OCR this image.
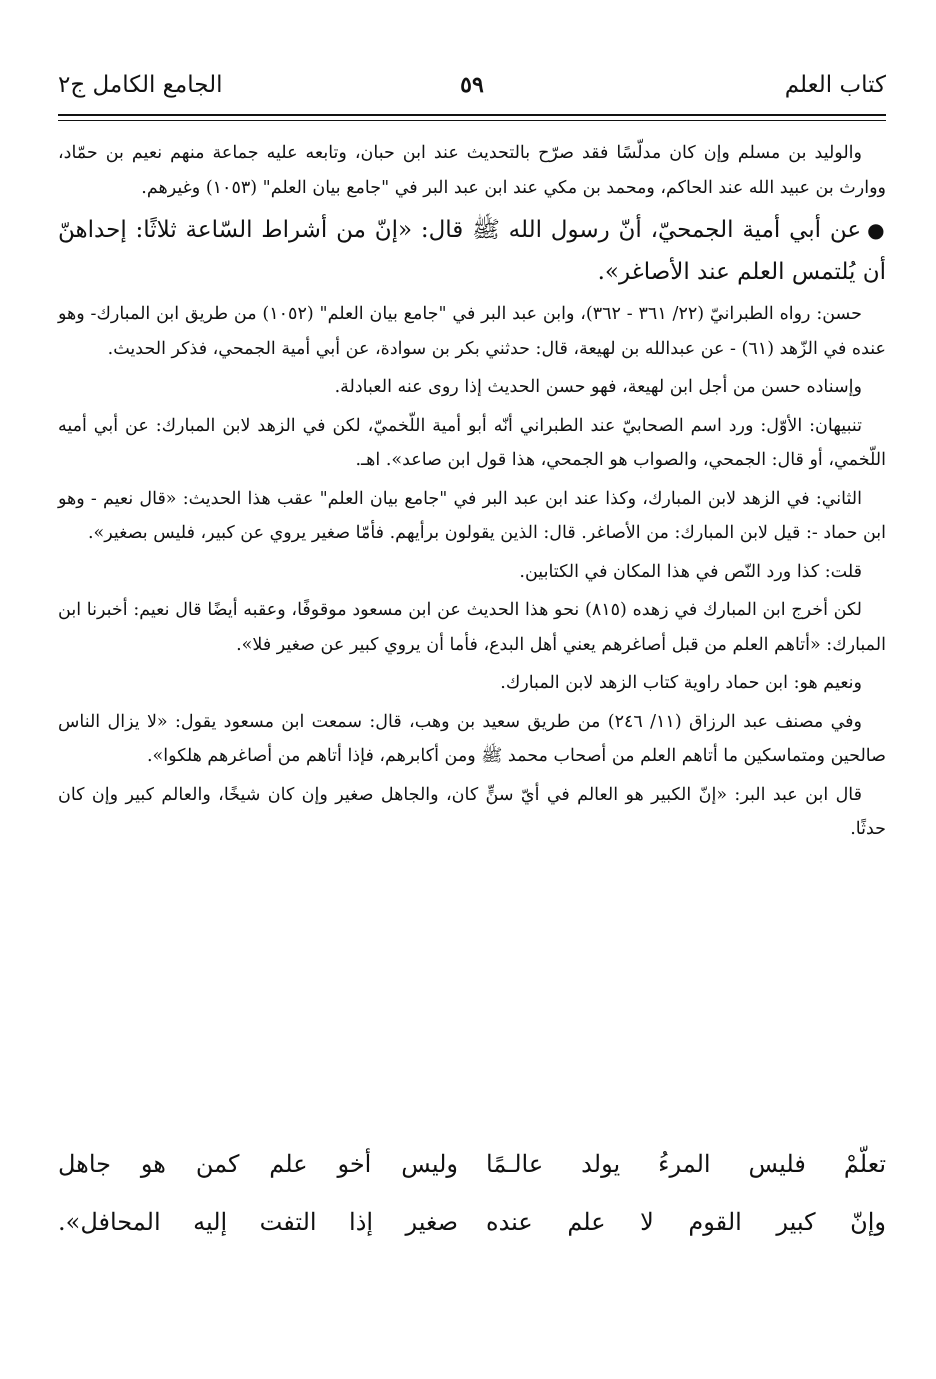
كتاب العلم
٥٩
الجامع الكامل ج٢

والوليد بن مسلم وإن كان مدلّسًا فقد صرّح بالتحديث عند ابن حبان، وتابعه عليه جماعة منهم نعيم بن حمّاد، ووارث بن عبيد الله عند الحاكم، ومحمد بن مكي عند ابن عبد البر في "جامع بيان العلم" (١٠٥٣) وغيرهم.

●عن أبي أمية الجمحيّ، أنّ رسول الله ﷺ قال: «إنّ من أشراط السّاعة ثلاثًا: إحداهنّ أن يُلتمس العلم عند الأصاغر».

حسن: رواه الطبرانيّ (٢٢/ ٣٦١ - ٣٦٢)، وابن عبد البر في "جامع بيان العلم" (١٠٥٢) من طريق ابن المبارك- وهو عنده في الزّهد (٦١) - عن عبدالله بن لهيعة، قال: حدثني بكر بن سوادة، عن أبي أمية الجمحي، فذكر الحديث.

وإسناده حسن من أجل ابن لهيعة، فهو حسن الحديث إذا روى عنه العبادلة.

تنبيهان: الأوّل: ورد اسم الصحابيّ عند الطبراني أنّه أبو أمية اللّخميّ، لكن في الزهد لابن المبارك: عن أبي أميه اللّخمي، أو قال: الجمحي، والصواب هو الجمحي، هذا قول ابن صاعد». اهـ.

الثاني: في الزهد لابن المبارك، وكذا عند ابن عبد البر في "جامع بيان العلم" عقب هذا الحديث: «قال نعيم - وهو ابن حماد -: قيل لابن المبارك: من الأصاغر. قال: الذين يقولون برأيهم. فأمّا صغير يروي عن كبير، فليس بصغير».

قلت: كذا ورد النّص في هذا المكان في الكتابين.

لكن أخرج ابن المبارك في زهده (٨١٥) نحو هذا الحديث عن ابن مسعود موقوفًا، وعقبه أيضًا قال نعيم: أخبرنا ابن المبارك: «أتاهم العلم من قبل أصاغرهم يعني أهل البدع، فأما أن يروي كبير عن صغير فلا».

ونعيم هو: ابن حماد راوية كتاب الزهد لابن المبارك.

وفي مصنف عبد الرزاق (١١/ ٢٤٦) من طريق سعيد بن وهب، قال: سمعت ابن مسعود يقول: «لا يزال الناس صالحين ومتماسكين ما أتاهم العلم من أصحاب محمد ﷺ ومن أكابرهم، فإذا أتاهم من أصاغرهم هلكوا».

قال ابن عبد البر: «إنّ الكبير هو العالم في أيّ سنٍّ كان، والجاهل صغير وإن كان شيخًا، والعالم كبير وإن كان حدثًا.

تعلّمْ فليس المرءُ يولد عالـمًا
وليس أخو علم كمن هو جاهل
وإنّ كبير القوم لا علم عنده
صغير إذا التفت إليه المحافل».
